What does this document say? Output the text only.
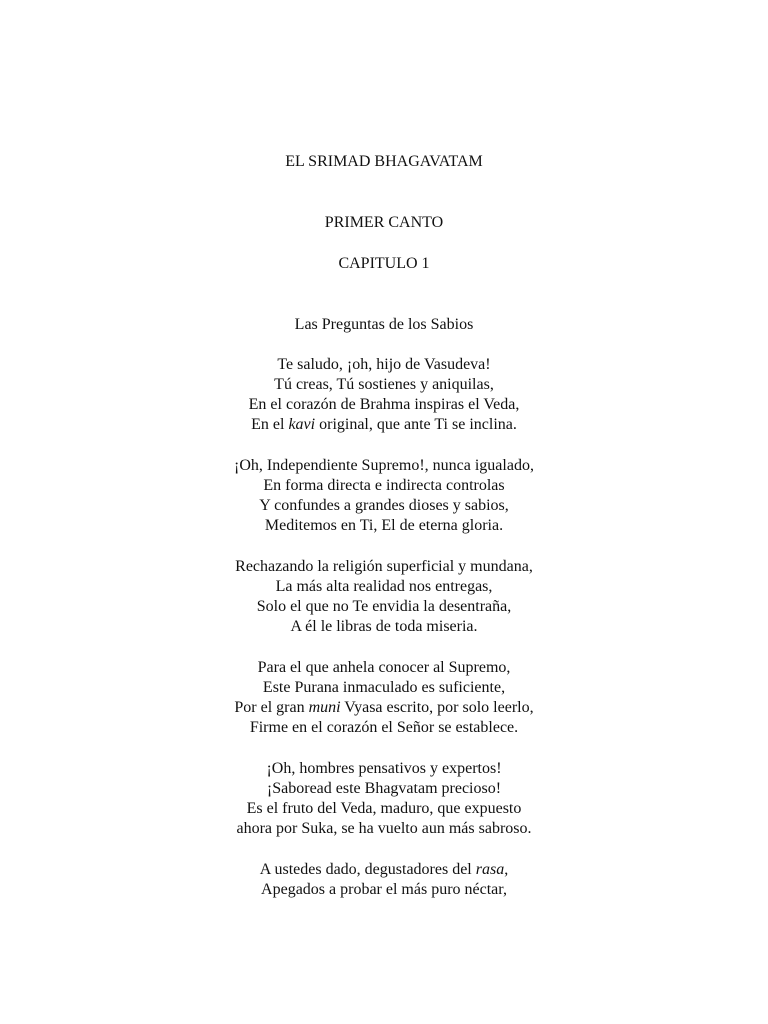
EL SRIMAD BHAGAVATAM
PRIMER CANTO
CAPITULO 1
Las Preguntas de los Sabios
Te saludo, ¡oh, hijo de Vasudeva!
Tú creas, Tú sostienes y aniquilas,
En el corazón de Brahma inspiras el Veda,
En el kavi original, que ante Ti se inclina.
¡Oh, Independiente Supremo!, nunca igualado,
En forma directa e indirecta controlas
Y confundes a grandes dioses y sabios,
Meditemos en Ti, El de eterna gloria.
Rechazando la religión superficial y mundana,
La más alta realidad nos entregas,
Solo el que no Te envidia la desentraña,
A él le libras de toda miseria.
Para el que anhela conocer al Supremo,
Este Purana inmaculado es suficiente,
Por el gran muni Vyasa escrito, por solo leerlo,
Firme en el corazón el Señor se establece.
¡Oh, hombres pensativos y expertos!
¡Saboread este Bhagvatam precioso!
Es el fruto del Veda, maduro, que expuesto
ahora por Suka, se ha vuelto aun más sabroso.
A ustedes dado, degustadores del rasa,
Apegados a probar el más puro néctar,
